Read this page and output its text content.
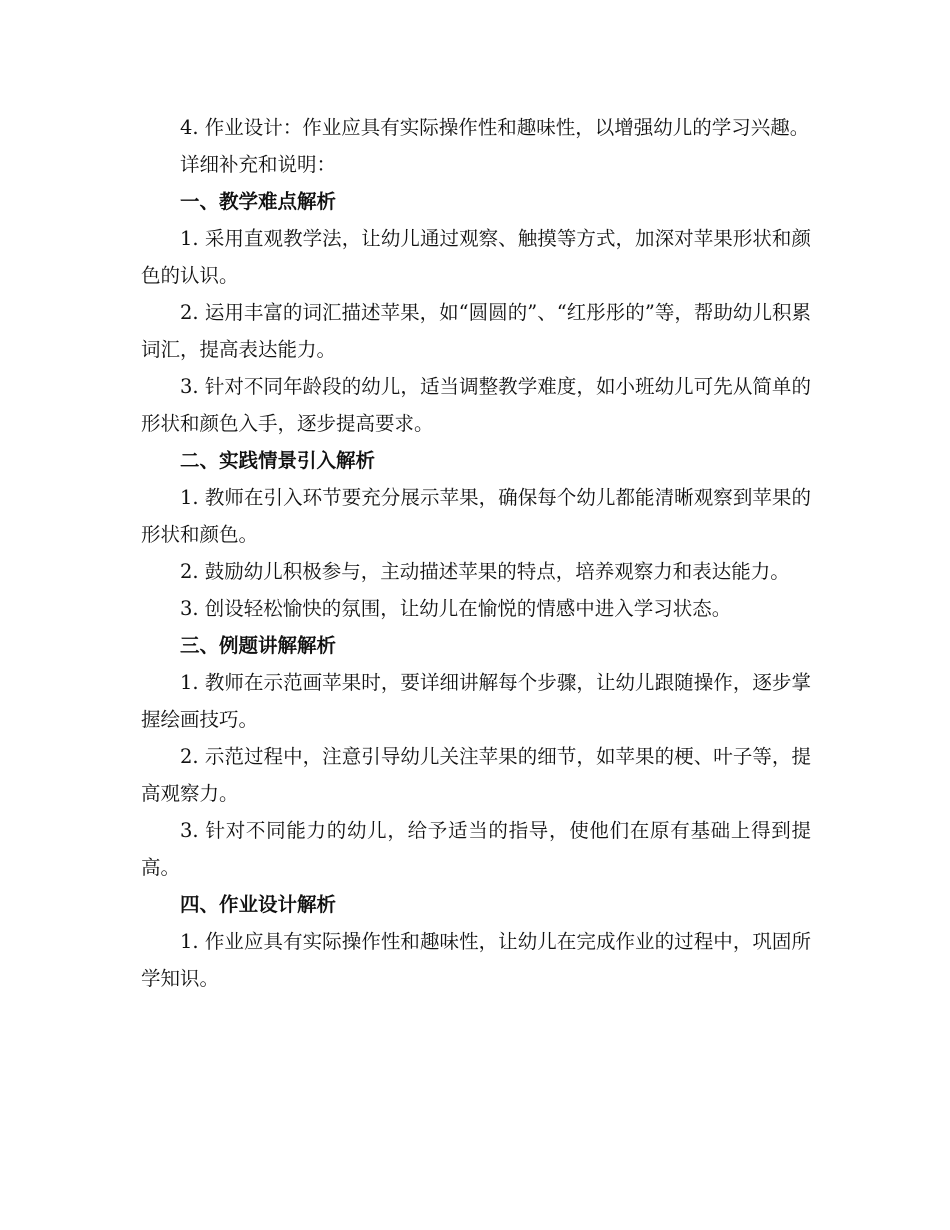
4. 作业设计：作业应具有实际操作性和趣味性，以增强幼儿的学习兴趣。

详细补充和说明：

一、教学难点解析

1. 采用直观教学法，让幼儿通过观察、触摸等方式，加深对苹果形状和颜色的认识。

2. 运用丰富的词汇描述苹果，如“圆圆的”、“红彤彤的”等，帮助幼儿积累词汇，提高表达能力。

3. 针对不同年龄段的幼儿，适当调整教学难度，如小班幼儿可先从简单的形状和颜色入手，逐步提高要求。

二、实践情景引入解析

1. 教师在引入环节要充分展示苹果，确保每个幼儿都能清晰观察到苹果的形状和颜色。

2. 鼓励幼儿积极参与，主动描述苹果的特点，培养观察力和表达能力。

3. 创设轻松愉快的氛围，让幼儿在愉悦的情感中进入学习状态。

三、例题讲解解析

1. 教师在示范画苹果时，要详细讲解每个步骤，让幼儿跟随操作，逐步掌握绘画技巧。

2. 示范过程中，注意引导幼儿关注苹果的细节，如苹果的梗、叶子等，提高观察力。

3. 针对不同能力的幼儿，给予适当的指导，使他们在原有基础上得到提高。

四、作业设计解析

1. 作业应具有实际操作性和趣味性，让幼儿在完成作业的过程中，巩固所学知识。
